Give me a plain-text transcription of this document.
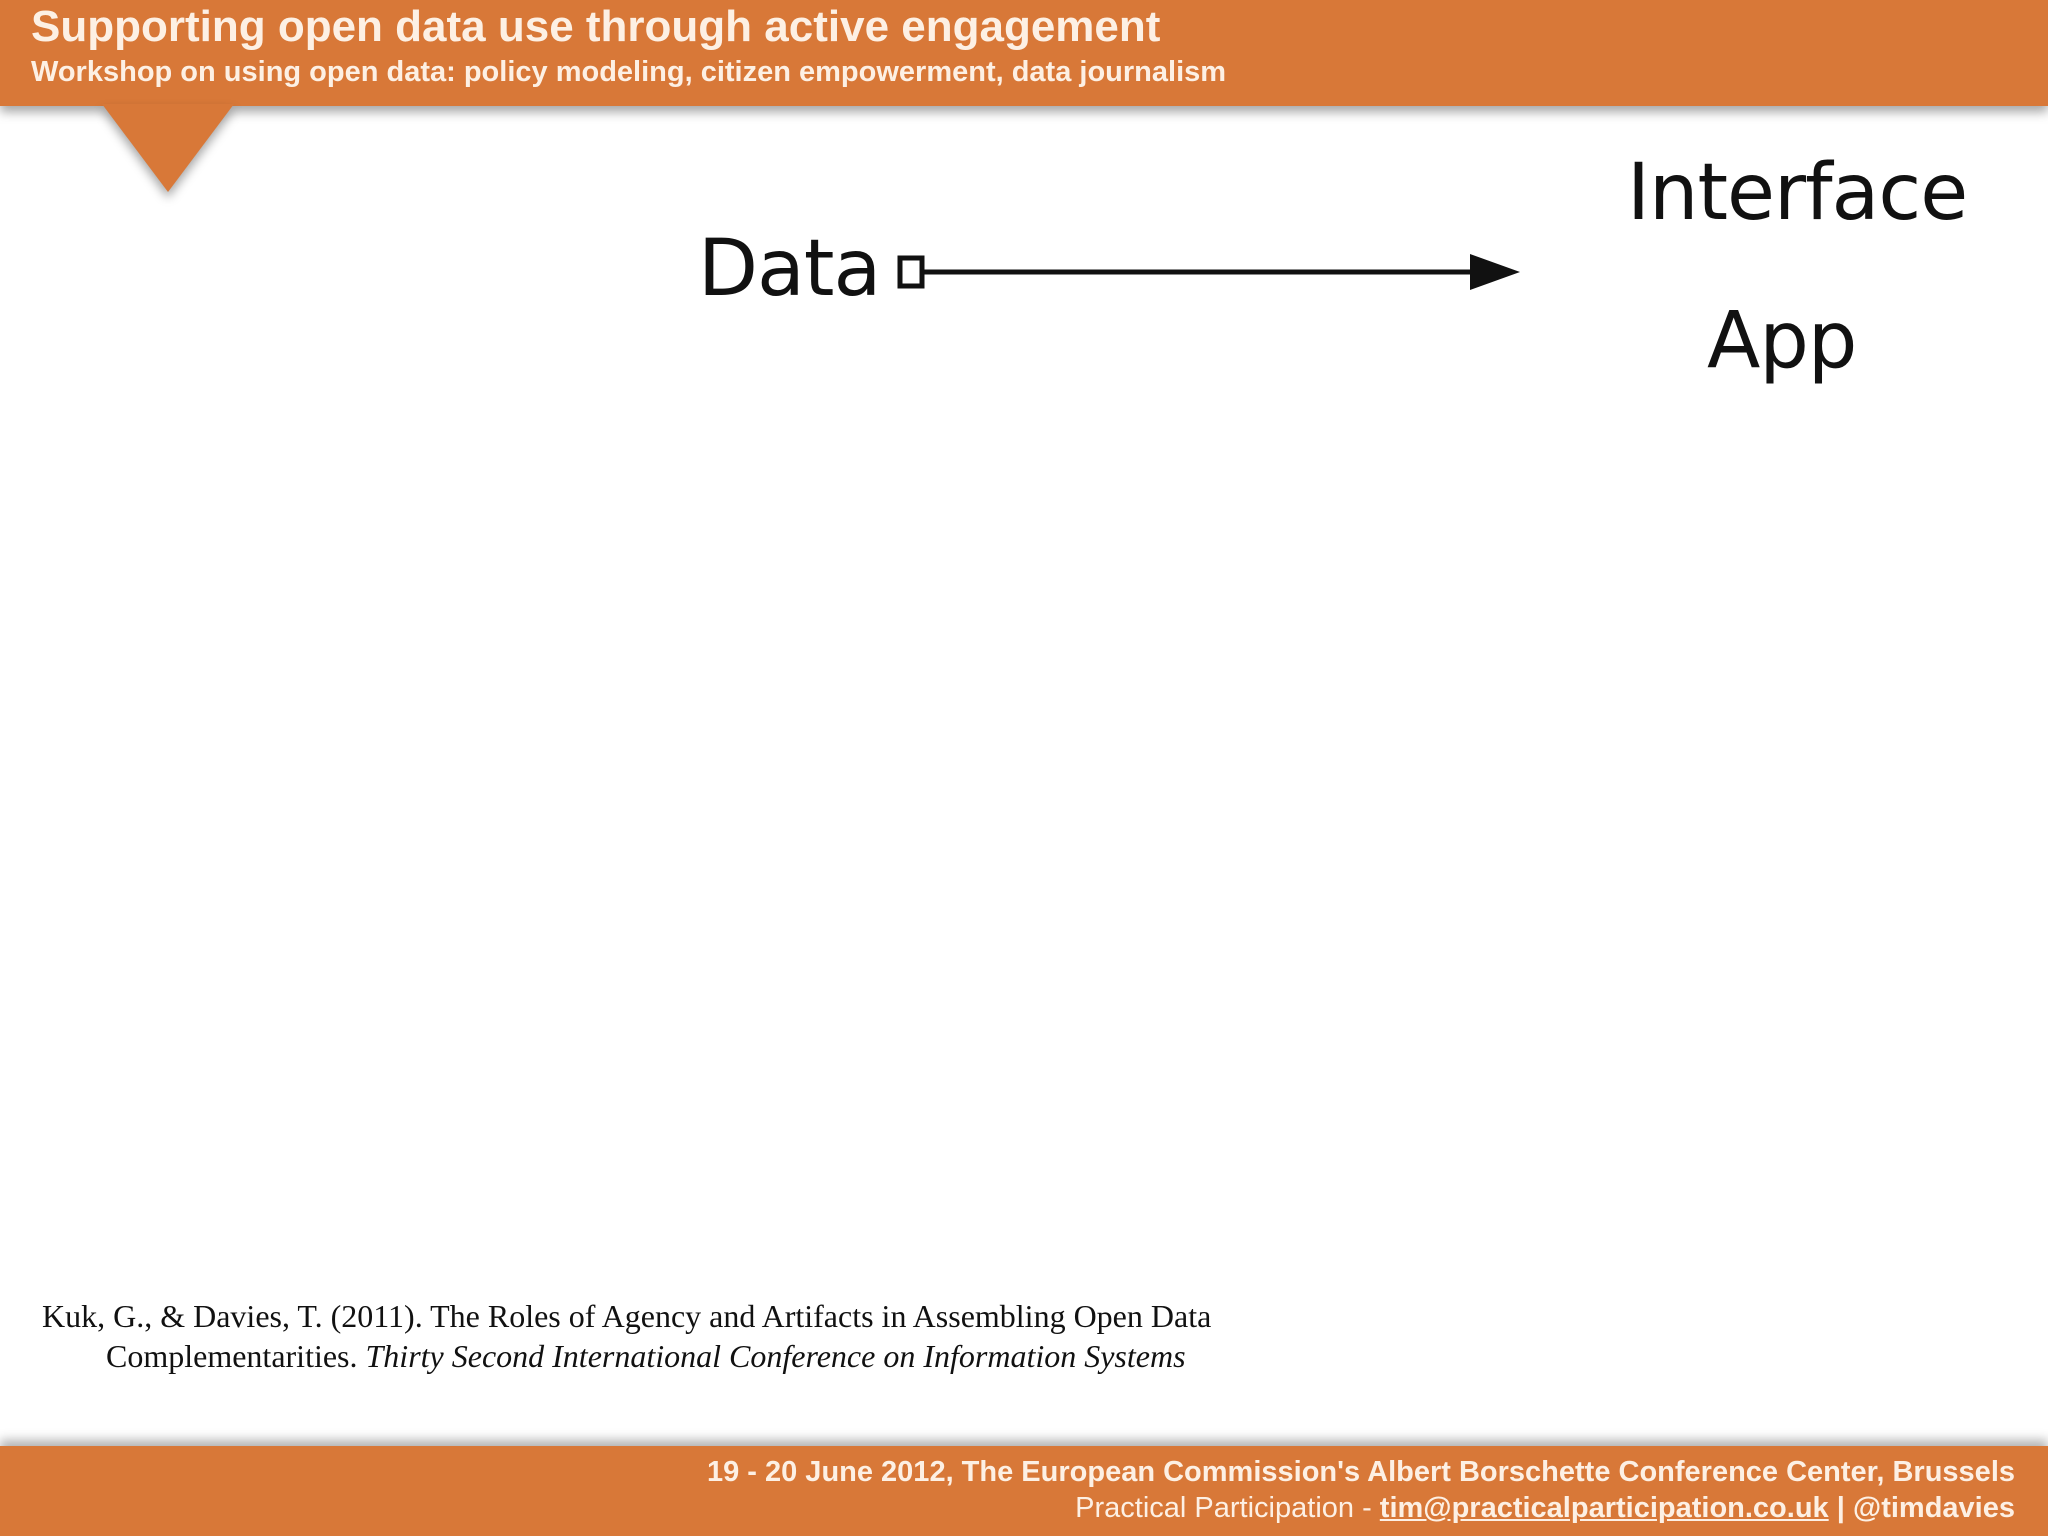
Supporting open data use through active engagement
Workshop on using open data: policy modeling, citizen empowerment, data journalism
Data
Interface
App
Kuk, G., & Davies, T. (2011). The Roles of Agency and Artifacts in Assembling Open Data Complementarities. Thirty Second International Conference on Information Systems
19 - 20 June 2012, The European Commission's Albert Borschette Conference Center, Brussels
Practical Participation - tim@practicalparticipation.co.uk | @timdavies
